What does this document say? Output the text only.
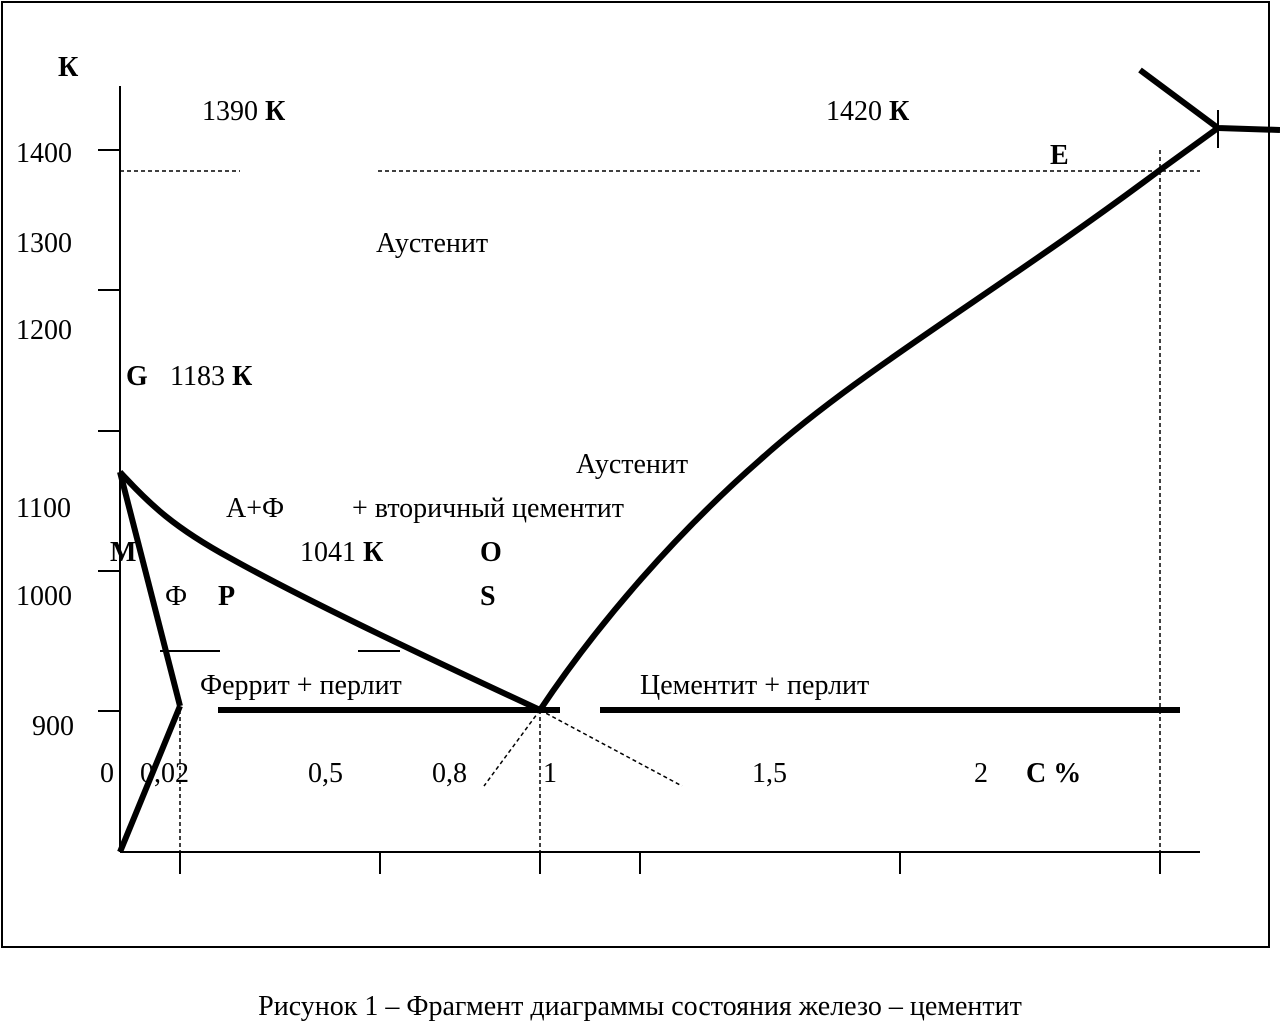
К
1400
1300
1200
1100
1000
900
0 0,02	0,5	0,8	1	1,5	2 C %
1390 К	1420 К
1183 К
1041 К
E
G
M
P
O
S
Аустенит
Аустенит
+ вторичный цементит
А+Ф
Ф
Феррит + перлит	Цементит + перлит
Рисунок 1 – Фрагмент диаграммы состояния железо – цементит
